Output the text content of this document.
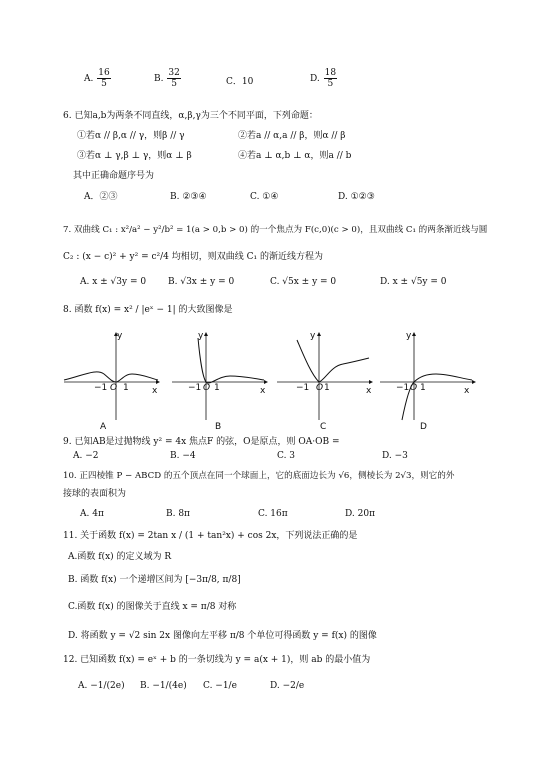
A. $\frac{16}{5}$	B. $\frac{32}{5}$	C．10	D. $\frac{18}{5}$
6. 已知a,b为两条不同直线，α,β,γ为三个不同平面，下列命题：
①若α // β,α // γ，则β // γ	②若a // α,a // β，则α // β
③若α ⊥ γ,β ⊥ γ，则α ⊥ β	④若a ⊥ α,b ⊥ α，则a // b
其中正确命题序号为
A．②③	B. ②③④	C. ①④	D. ①②③
7. 双曲线 C₁ : x²/a² − y²/b² = 1(a > 0,b > 0) 的一个焦点为 F(c,0)(c > 0)，且双曲线 C₁ 的两条渐近线与圆
C₂ : (x − c)² + y² = c²/4 均相切，则双曲线 C₁ 的渐近线方程为
A. x ± √3y = 0 B. √3x ± y = 0	C. √5x ± y = 0	D. x ± √5y = 0
8. 函数 f(x) = x² / |eˣ − 1| 的大致图像是
y
x
−1 O 1
A
y
x
−1 O 1
B
y
x
−1 O 1
C
y
x
−1 O 1
D
9. 已知AB是过抛物线 y² = 4x 焦点F 的弦，O是原点，则 OA·OB =
A. −2	B. −4	C. 3	D. −3
10. 正四棱锥 P − ABCD 的五个顶点在同一个球面上，它的底面边长为 √6，侧棱长为 2√3，则它的外
接球的表面积为
A. 4π	B. 8π	C. 16π	D. 20π
11. 关于函数 f(x) = 2tan x / (1 + tan²x) + cos 2x，下列说法正确的是
A.函数 f(x) 的定义域为 R
B. 函数 f(x) 一个递增区间为 [−3π/8, π/8]
C.函数 f(x) 的图像关于直线 x = π/8 对称
D. 将函数 y = √2 sin 2x 图像向左平移 π/8 个单位可得函数 y = f(x) 的图像
12. 已知函数 f(x) = eˣ + b 的一条切线为 y = a(x + 1)，则 ab 的最小值为
A. −1/(2e) B. −1/(4e) C. −1/e	D. −2/e
